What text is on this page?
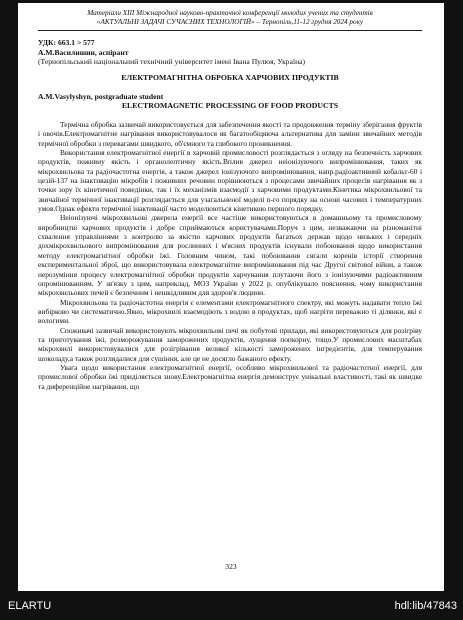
Матеріали XIII Міжнародної науково-практичної конференції молодих учених та студентів
«АКТУАЛЬНІ ЗАДАЧІ СУЧАСНИХ ТЕХНОЛОГІЙ» – Тернопіль,11-12 грудня 2024 року
УДК: 663.1 > 577
А.М.Василишин, аспірант
(Тернопільський національний технічний університет імені Івана Пулюя, Україна)
ЕЛЕКТРОМАГНІТНА ОБРОБКА ХАРЧОВИХ ПРОДУКТІВ
A.M.Vasylyshyn, postgraduate student
ELECTROMAGNETIC PROCESSING OF FOOD PRODUCTS

Термічна обробка зазвичай використовується для забезпечення якості та продовження терміну зберігання фруктів і овочів.Електромагнітне нагрівання використовувалося як багатообіцяюча альтернатива для заміни звичайних методів термічної обробки з перевагами швидкого, об'ємного та глибокого проникнення.

Використання електромагнітної енергії в харчовій промисловості розглядається з огляду на безпечність харчових продуктів, поживну якість і органолептичну якість.Вплив джерел неіонізуючого випромінювання, таких як мікрохвильова та радіочастотна енергія, а також джерел іонізуючого випромінювання, напр.радіоактивний кобальт-60 і цезій-137 на інактивацію мікробів і поживних речовин порівнюються з процесами звичайних процесів нагрівання як з точки зору їх кінетичної поведінки, так і їх механізмів взаємодії з харчовими продуктами.Кінетика мікрохвильової та звичайної термічної інактивації розглядається для узагальненої моделі n-го порядку на основі часових і температурних умов.Однак ефекти термічної інактивації часто моделюються кінетикою першого порядку.

Неіонізуючі мікрохвильові джерела енергії все частіше використовуються в домашньому та промисловому виробництві харчових продуктів і добре сприймаються користувачами.Поруч з цим, незважаючи на різноманітні схвалення управліннями з контролю за якістю харчових продуктів багатьох держав щодо низьких і середніх дохмікрохвильового випромінювання для рослинних і м'ясних продуктів існували побоювання щодо використання методу електромагнітної обробки їжі. Головним чином, такі побоювання сягали коренів історії створення експериментальної зброї, що використовувала електромагнітне випромінювання під час Другої світової війни, а також нерозуміння процесу електромагнітної обробки продуктів харчування плутаючи його з іонізуючими радіоактивним опромінюванням. У зв'язку з цим, наприклад, МОЗ України у 2022 р. опублікувало пояснення, чому використання мікрохвильових печей є безпечним і нешкідливим для здоров'я людини.

Мікрохвильова та радіочастотна енергія є елементами електромагнітного спектру, які можуть надавати тепло їжі вибірково чи систематично.Явно, мікрохвилі взаємодіють з водою в продуктах, щоб нагріти переважно ті ділянки, які є вологими.

Споживачі зазвичай використовують мікрохвильові печі як побутові прилади, які використовуються для розігріву та приготування їжі, розморожування заморожених продуктів, лущення попкорну, тощо.У промислових масштабах мікрохвилі використовувалися для розігрівання великої кількості заморожених інгредієнтів, для темперування шоколаду,а також розглядалися для сушіння, але це не досягло бажаного ефекту.

Увага щодо використання електромагнітної енергії, особливо мікрохвильової та радіочастотної енергії, для промислової обробки їжі приділяється знову.Електромагнітна енергія демонструє унікальні властивості, такі як швидке та диференційне нагрівання, що

323
ELARTU	hdl:lib/47843
